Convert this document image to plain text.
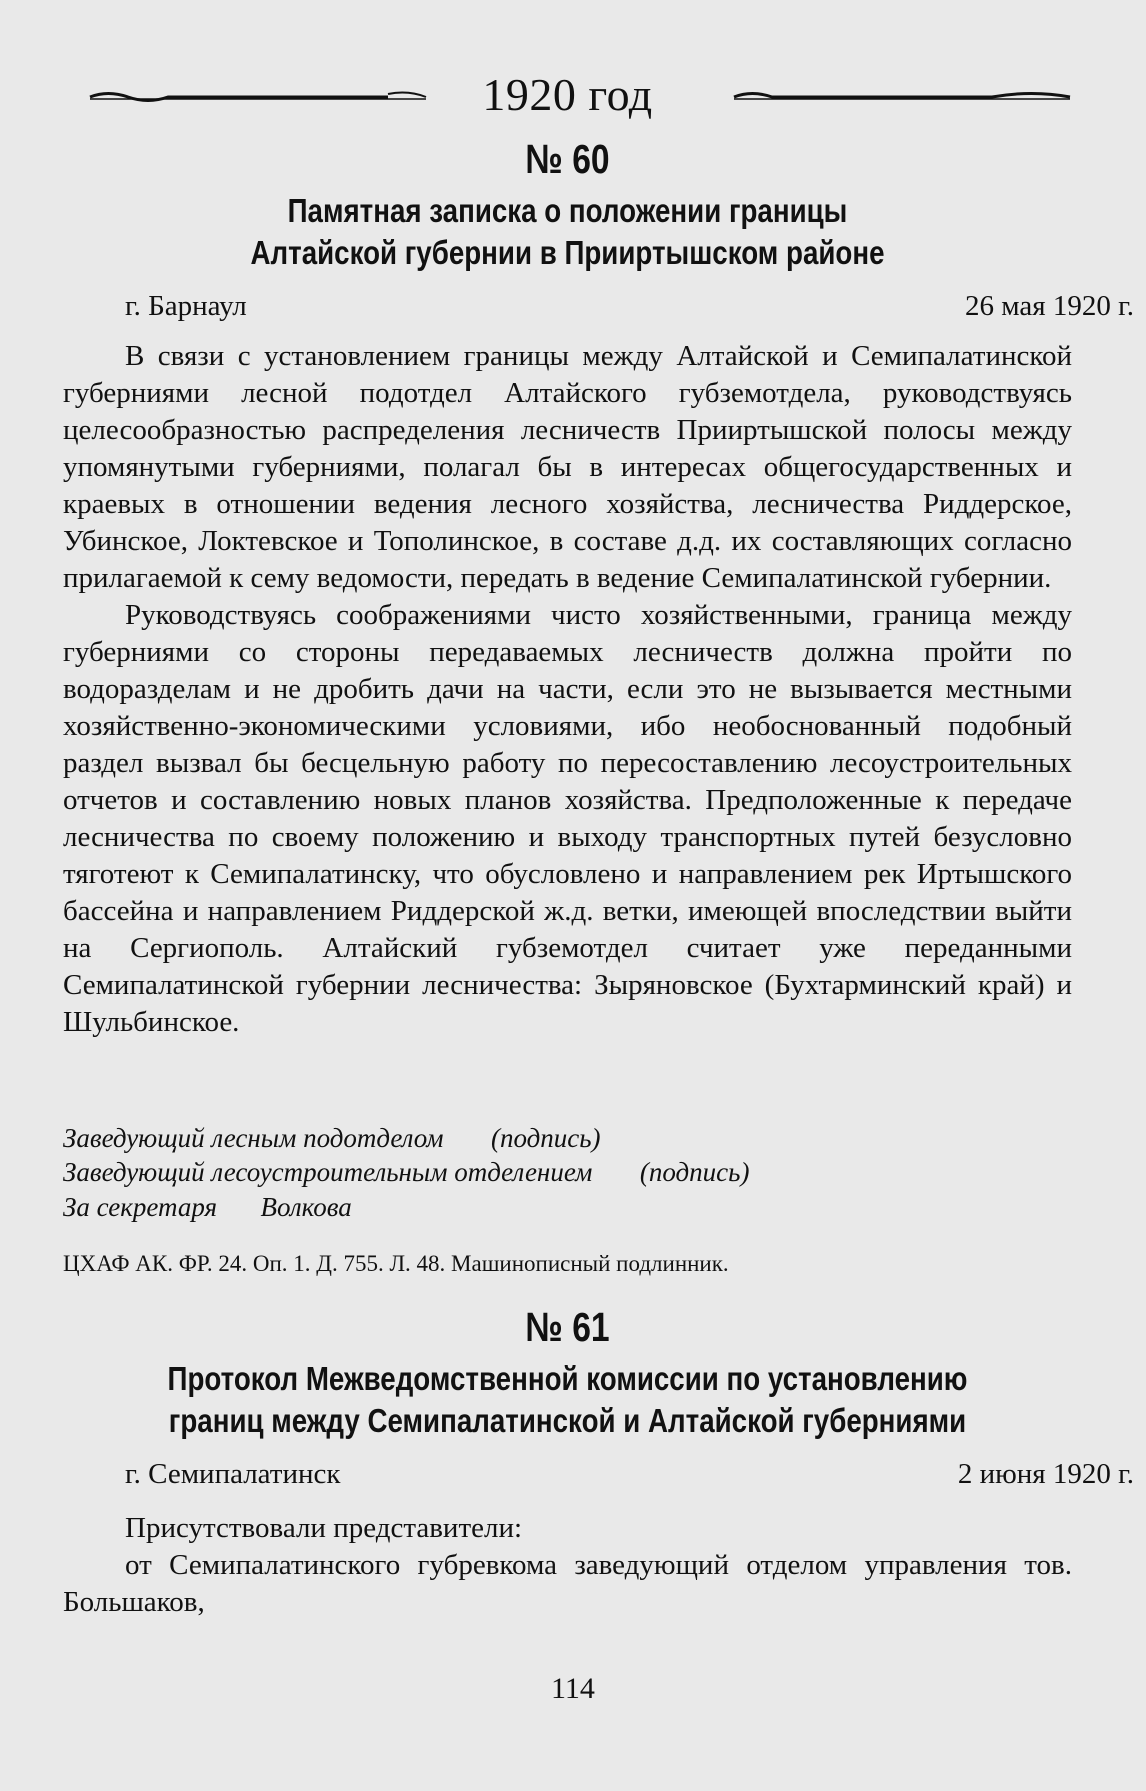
1920 год
№ 60
Памятная записка о положении границы
Алтайской губернии в Прииртышском районе
г. Барнаул	26 мая 1920 г.

В связи с установлением границы между Алтайской и Семипалатинской губерниями лесной подотдел Алтайского губземотдела, руководствуясь целесообразностью распределения лесничеств Прииртышской полосы между упомянутыми губерниями, полагал бы в интересах общегосударственных и краевых в отношении ведения лесного хозяйства, лесничества Риддерское, Убинское, Локтевское и Тополинское, в составе д.д. их составляющих согласно прилагаемой к сему ведомости, передать в ведение Семипалатинской губернии.

Руководствуясь соображениями чисто хозяйственными, граница между губерниями со стороны передаваемых лесничеств должна пройти по водоразделам и не дробить дачи на части, если это не вызывается местными хозяйственно-экономическими условиями, ибо необоснованный подобный раздел вызвал бы бесцельную работу по пересоставлению лесоустроительных отчетов и составлению новых планов хозяйства. Предположенные к передаче лесничества по своему положению и выходу транспортных путей безусловно тяготеют к Семипалатинску, что обусловлено и направлением рек Иртышского бассейна и направлением Риддерской ж.д. ветки, имеющей впоследствии выйти на Сергиополь. Алтайский губземотдел считает уже переданными Семипалатинской губернии лесничества: Зыряновское (Бухтарминский край) и Шульбинское.

Заведующий лесным подотделом (подпись)
Заведующий лесоустроительным отделением (подпись)
За секретаря Волкова
ЦХАФ АК. ФР. 24. Оп. 1. Д. 755. Л. 48. Машинописный подлинник.
№ 61
Протокол Межведомственной комиссии по установлению
границ между Семипалатинской и Алтайской губерниями
г. Семипалатинск	2 июня 1920 г.

Присутствовали представители:

от Семипалатинского губревкома заведующий отделом управления тов. Большаков,

114
